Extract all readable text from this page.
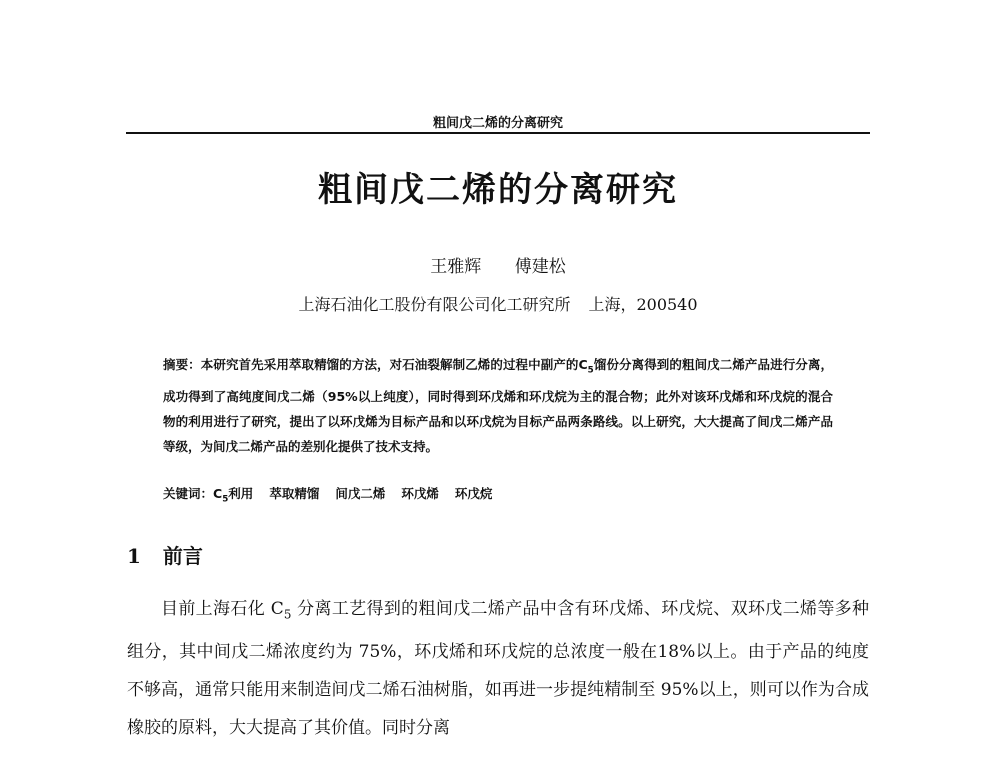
粗间戊二烯的分离研究
粗间戊二烯的分离研究
王雅辉 傅建松
上海石油化工股份有限公司化工研究所 上海，200540
摘要：本研究首先采用萃取精馏的方法，对石油裂解制乙烯的过程中副产的$C_5$馏份分离得到的粗间戊二烯产品进行分离，成功得到了高纯度间戊二烯（95%以上纯度），同时得到环戊烯和环戊烷为主的混合物；此外对该环戊烯和环戊烷的混合物的利用进行了研究，提出了以环戊烯为目标产品和以环戊烷为目标产品两条路线。以上研究，大大提高了间戊二烯产品等级，为间戊二烯产品的差别化提供了技术支持。
关键词：$C_5$利用 萃取精馏 间戊二烯 环戊烯 环戊烷
1 前言
目前上海石化 $C_5$ 分离工艺得到的粗间戊二烯产品中含有环戊烯、环戊烷、双环戊二烯等多种组分，其中间戊二烯浓度约为 75%，环戊烯和环戊烷的总浓度一般在18%以上。由于产品的纯度不够高，通常只能用来制造间戊二烯石油树脂，如再进一步提纯精制至 95%以上，则可以作为合成橡胶的原料，大大提高了其价值。同时分离
